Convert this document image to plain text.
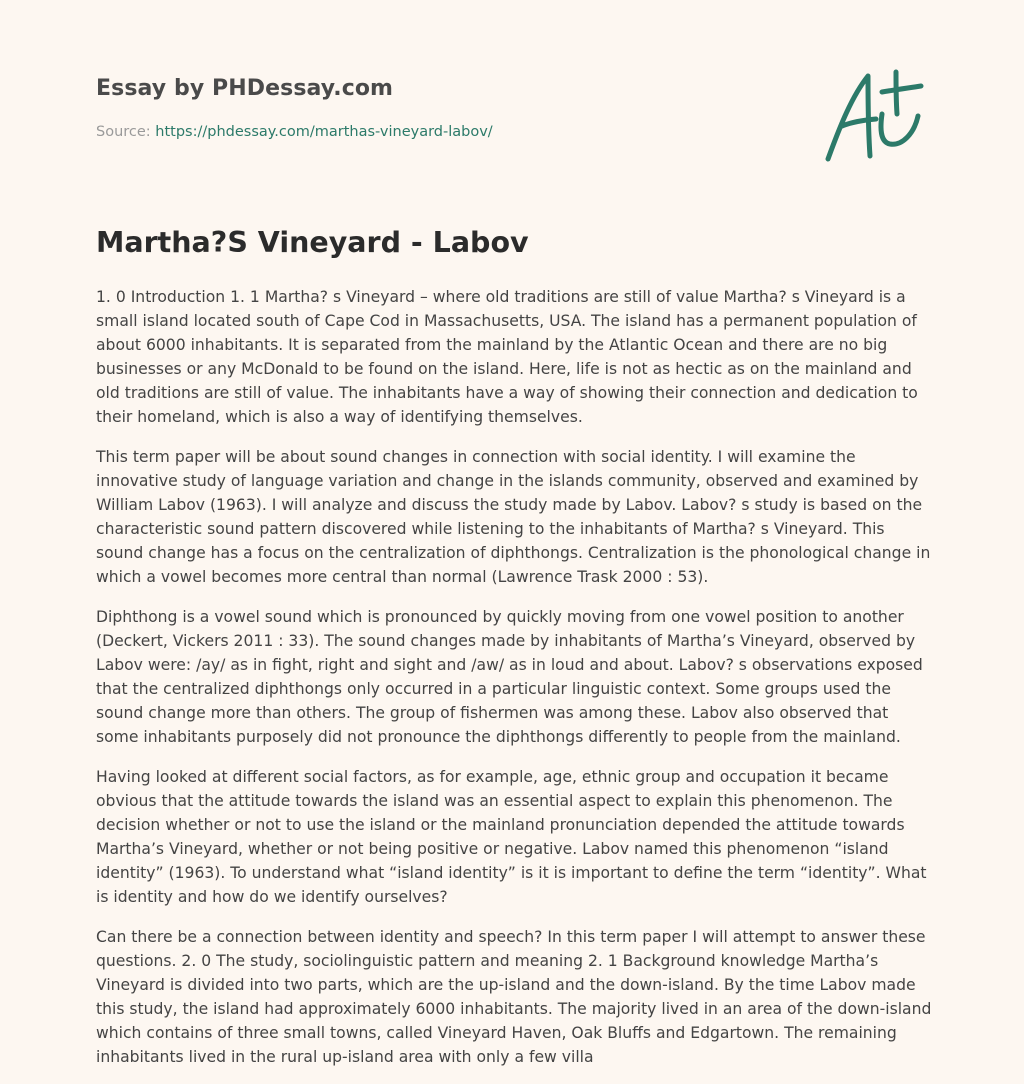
Essay by PHDessay.com
Source: https://phdessay.com/marthas-vineyard-labov/
Martha?S Vineyard - Labov

1. 0 Introduction 1. 1 Martha? s Vineyard – where old traditions are still of value Martha? s Vineyard is a small island located south of Cape Cod in Massachusetts, USA. The island has a permanent population of about 6000 inhabitants. It is separated from the mainland by the Atlantic Ocean and there are no big businesses or any McDonald to be found on the island. Here, life is not as hectic as on the mainland and old traditions are still of value. The inhabitants have a way of showing their connection and dedication to their homeland, which is also a way of identifying themselves.

This term paper will be about sound changes in connection with social identity. I will examine the innovative study of language variation and change in the islands community, observed and examined by William Labov (1963). I will analyze and discuss the study made by Labov. Labov? s study is based on the characteristic sound pattern discovered while listening to the inhabitants of Martha? s Vineyard. This sound change has a focus on the centralization of diphthongs. Centralization is the phonological change in which a vowel becomes more central than normal (Lawrence Trask 2000 : 53).

Diphthong is a vowel sound which is pronounced by quickly moving from one vowel position to another (Deckert, Vickers 2011 : 33). The sound changes made by inhabitants of Martha’s Vineyard, observed by Labov were: /ay/ as in fight, right and sight and /aw/ as in loud and about. Labov? s observations exposed that the centralized diphthongs only occurred in a particular linguistic context. Some groups used the sound change more than others. The group of fishermen was among these. Labov also observed that some inhabitants purposely did not pronounce the diphthongs differently to people from the mainland.

Having looked at different social factors, as for example, age, ethnic group and occupation it became obvious that the attitude towards the island was an essential aspect to explain this phenomenon. The decision whether or not to use the island or the mainland pronunciation depended the attitude towards Martha’s Vineyard, whether or not being positive or negative. Labov named this phenomenon “island identity” (1963). To understand what “island identity” is it is important to define the term “identity”. What is identity and how do we identify ourselves?

Can there be a connection between identity and speech? In this term paper I will attempt to answer these questions. 2. 0 The study, sociolinguistic pattern and meaning 2. 1 Background knowledge Martha’s Vineyard is divided into two parts, which are the up-island and the down-island. By the time Labov made this study, the island had approximately 6000 inhabitants. The majority lived in an area of the down-island which contains of three small towns, called Vineyard Haven, Oak Bluffs and Edgartown. The remaining inhabitants lived in the rural up-island area with only a few villa
